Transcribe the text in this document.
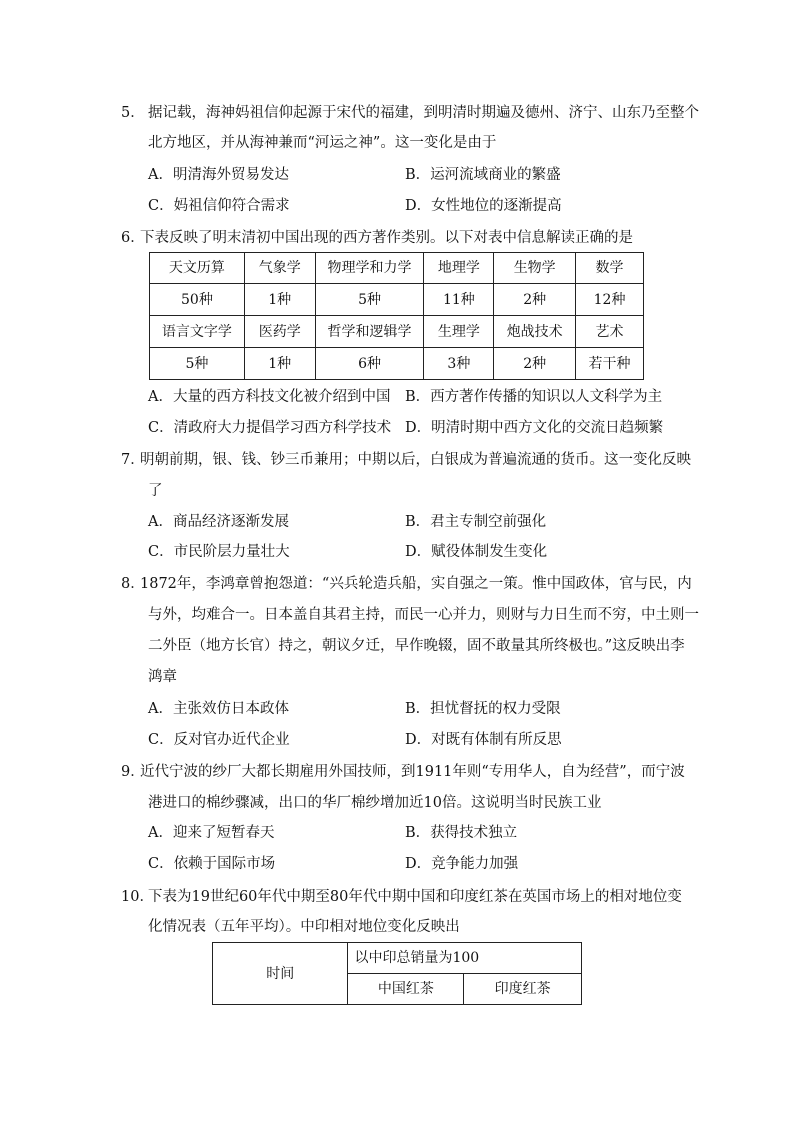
5． 据记载，海神妈祖信仰起源于宋代的福建，到明清时期遍及德州、济宁、山东乃至整个
北方地区，并从海神兼而“河运之神”。这一变化是由于
A．明清海外贸易发达	B．运河流域商业的繁盛
C．妈祖信仰符合需求	D．女性地位的逐渐提高
6．
下表反映了明末清初中国出现的西方著作类别。以下对表中信息解读正确的是
天文历算	气象学	物理学和力学	地理学	生物学	数学
50种	1种	5种	11种	2种	12种
语言文字学	医药学	哲学和逻辑学	生理学	炮战技术	艺术
5种	1种	6种	3种	2种	若干种
A．大量的西方科技文化被介绍到中国 B．西方著作传播的知识以人文科学为主
C．清政府大力提倡学习西方科学技术 D．明清时期中西方文化的交流日趋频繁
7．
明朝前期，银、钱、钞三币兼用；中期以后，白银成为普遍流通的货币。这一变化反映
了
A．商品经济逐渐发展	B．君主专制空前强化
C．市民阶层力量壮大	D．赋役体制发生变化
8．
1872年，李鸿章曾抱怨道：“兴兵轮造兵船，实自强之一策。惟中国政体，官与民，内
与外，均难合一。日本盖自其君主持，而民一心并力，则财与力日生而不穷，中土则一
二外臣（地方长官）持之，朝议夕迁，早作晚辍，固不敢量其所终极也。”这反映出李
鸿章
A．主张效仿日本政体	B．担忧督抚的权力受限
C．反对官办近代企业	D．对既有体制有所反思
9．
近代宁波的纱厂大都长期雇用外国技师，到1911年则“专用华人，自为经营”，而宁波
港进口的棉纱骤减，出口的华厂棉纱增加近10倍。这说明当时民族工业
A．迎来了短暂春天	B．获得技术独立
C．依赖于国际市场	D．竞争能力加强
10．
下表为19世纪60年代中期至80年代中期中国和印度红茶在英国市场上的相对地位变
化情况表（五年平均）。中印相对地位变化反映出
时间	以中印总销量为100	
	中国红茶	印度红茶
